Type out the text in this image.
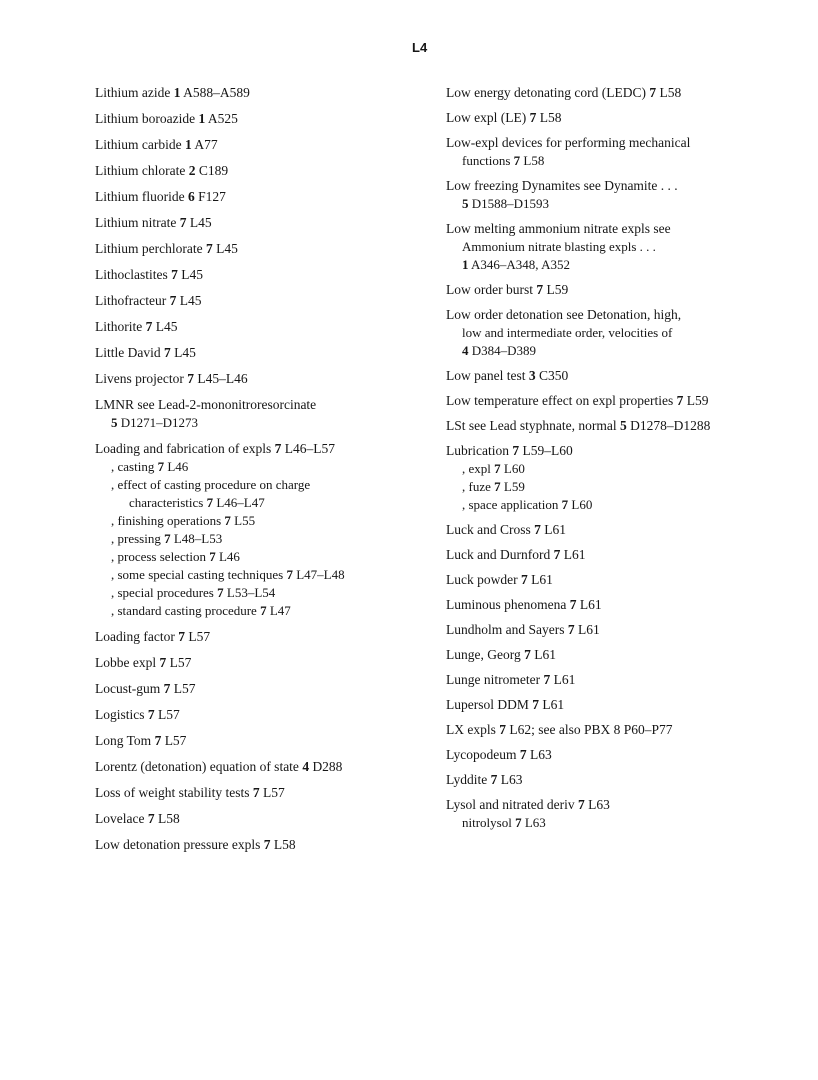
L4
Lithium azide 1 A588–A589
Lithium boroazide 1 A525
Lithium carbide 1 A77
Lithium chlorate 2 C189
Lithium fluoride 6 F127
Lithium nitrate 7 L45
Lithium perchlorate 7 L45
Lithoclastites 7 L45
Lithofracteur 7 L45
Lithorite 7 L45
Little David 7 L45
Livens projector 7 L45–L46
LMNR see Lead-2-mononitroresorcinate
5 D1271–D1273
Loading and fabrication of expls 7 L46–L57
, casting 7 L46
, effect of casting procedure on charge
characteristics 7 L46–L47
, finishing operations 7 L55
, pressing 7 L48–L53
, process selection 7 L46
, some special casting techniques 7 L47–L48
, special procedures 7 L53–L54
, standard casting procedure 7 L47
Loading factor 7 L57
Lobbe expl 7 L57
Locust-gum 7 L57
Logistics 7 L57
Long Tom 7 L57
Lorentz (detonation) equation of state 4 D288
Loss of weight stability tests 7 L57
Lovelace 7 L58
Low detonation pressure expls 7 L58
Low energy detonating cord (LEDC) 7 L58
Low expl (LE) 7 L58
Low-expl devices for performing mechanical
functions 7 L58
Low freezing Dynamites see Dynamite . . .
5 D1588–D1593
Low melting ammonium nitrate expls see
Ammonium nitrate blasting expls . . .
1 A346–A348, A352
Low order burst 7 L59
Low order detonation see Detonation, high,
low and intermediate order, velocities of
4 D384–D389
Low panel test 3 C350
Low temperature effect on expl properties 7 L59
LSt see Lead styphnate, normal 5 D1278–D1288
Lubrication 7 L59–L60
, expl 7 L60
, fuze 7 L59
, space application 7 L60
Luck and Cross 7 L61
Luck and Durnford 7 L61
Luck powder 7 L61
Luminous phenomena 7 L61
Lundholm and Sayers 7 L61
Lunge, Georg 7 L61
Lunge nitrometer 7 L61
Lupersol DDM 7 L61
LX expls 7 L62; see also PBX 8 P60–P77
Lycopodeum 7 L63
Lyddite 7 L63
Lysol and nitrated deriv 7 L63
nitrolysol 7 L63
